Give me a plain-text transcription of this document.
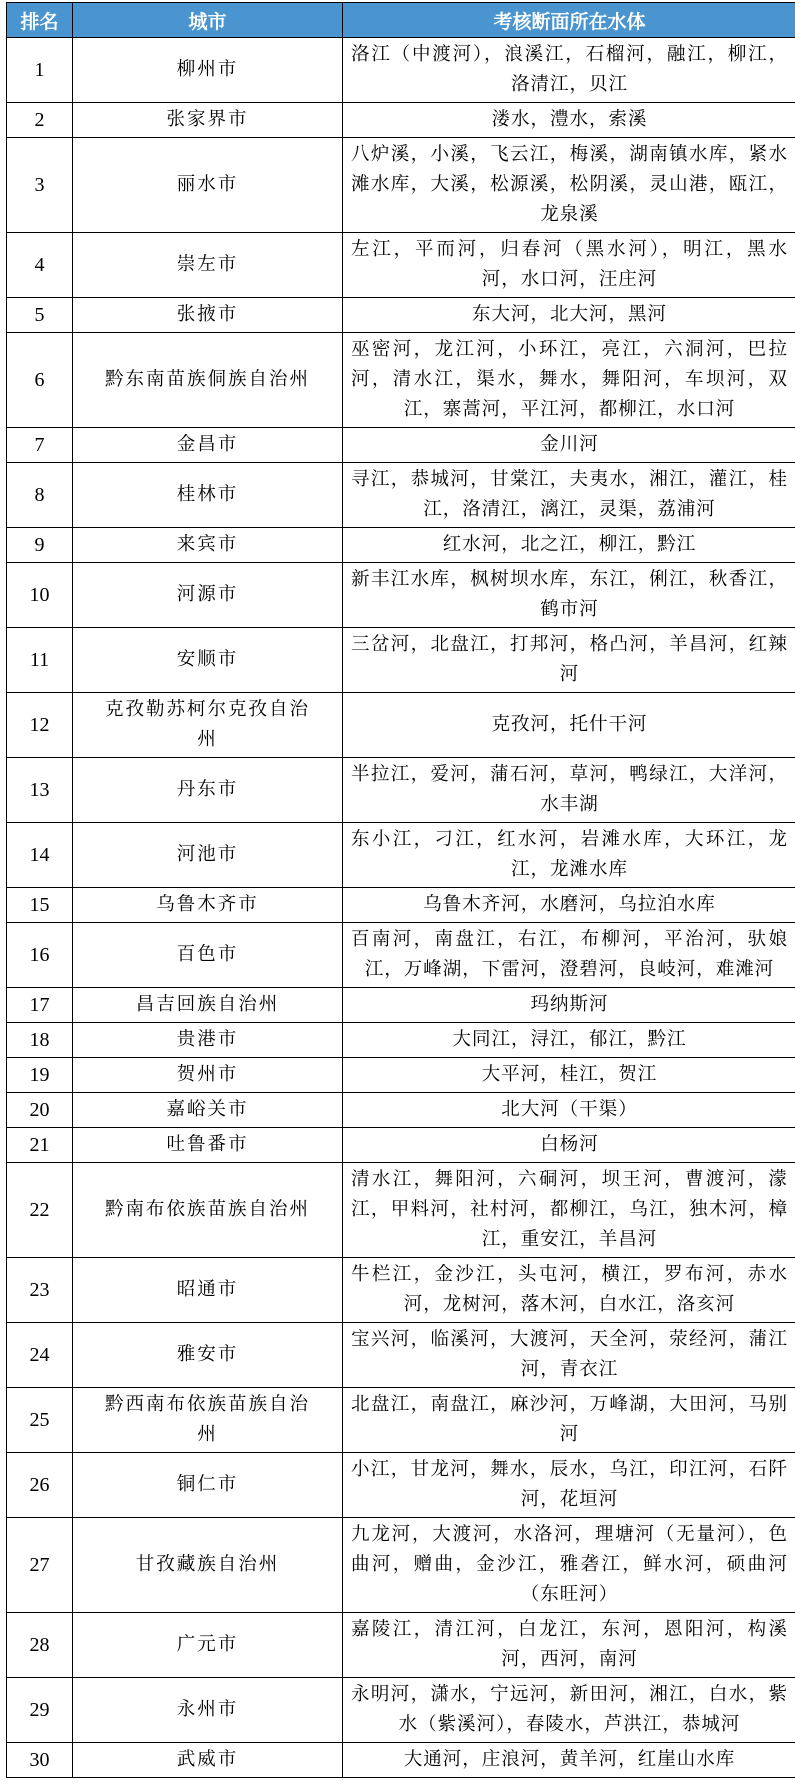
排名	城市	考核断面所在水体
1	柳州市	洛江（中渡河），浪溪江，石榴河，融江，柳江，洛清江，贝江
2	张家界市	溇水，澧水，索溪
3	丽水市	八炉溪，小溪，飞云江，梅溪，湖南镇水库，紧水滩水库，大溪，松源溪，松阴溪，灵山港，瓯江，龙泉溪
4	崇左市	左江，平而河，归春河（黑水河），明江，黑水河，水口河，汪庄河
5	张掖市	东大河，北大河，黑河
6	黔东南苗族侗族自治州	巫密河，龙江河，小环江，亮江，六洞河，巴拉河，清水江，渠水，舞水，舞阳河，车坝河，双江，寨蒿河，平江河，都柳江，水口河
7	金昌市	金川河
8	桂林市	寻江，恭城河，甘棠江，夫夷水，湘江，灌江，桂江，洛清江，漓江，灵渠，荔浦河
9	来宾市	红水河，北之江，柳江，黔江
10	河源市	新丰江水库，枫树坝水库，东江，俐江，秋香江，鹤市河
11	安顺市	三岔河，北盘江，打邦河，格凸河，羊昌河，红辣河
12	克孜勒苏柯尔克孜自治州	克孜河，托什干河
13	丹东市	半拉江，爱河，蒲石河，草河，鸭绿江，大洋河，水丰湖
14	河池市	东小江，刁江，红水河，岩滩水库，大环江，龙江，龙滩水库
15	乌鲁木齐市	乌鲁木齐河，水磨河，乌拉泊水库
16	百色市	百南河，南盘江，右江，布柳河，平治河，驮娘江，万峰湖，下雷河，澄碧河，良岐河，难滩河
17	昌吉回族自治州	玛纳斯河
18	贵港市	大同江，浔江，郁江，黔江
19	贺州市	大平河，桂江，贺江
20	嘉峪关市	北大河（干渠）
21	吐鲁番市	白杨河
22	黔南布依族苗族自治州	清水江，舞阳河，六硐河，坝王河，曹渡河，濛江，甲料河，社村河，都柳江，乌江，独木河，樟江，重安江，羊昌河
23	昭通市	牛栏江，金沙江，头屯河，横江，罗布河，赤水河，龙树河，落木河，白水江，洛亥河
24	雅安市	宝兴河，临溪河，大渡河，天全河，荥经河，蒲江河，青衣江
25	黔西南布依族苗族自治州	北盘江，南盘江，麻沙河，万峰湖，大田河，马别河
26	铜仁市	小江，甘龙河，舞水，辰水，乌江，印江河，石阡河，花垣河
27	甘孜藏族自治州	九龙河，大渡河，水洛河，理塘河（无量河），色曲河，赠曲，金沙江，雅砻江，鲜水河，硕曲河（东旺河）
28	广元市	嘉陵江，清江河，白龙江，东河，恩阳河，构溪河，西河，南河
29	永州市	永明河，潇水，宁远河，新田河，湘江，白水，紫水（紫溪河），春陵水，芦洪江，恭城河
30	武威市	大通河，庄浪河，黄羊河，红崖山水库
